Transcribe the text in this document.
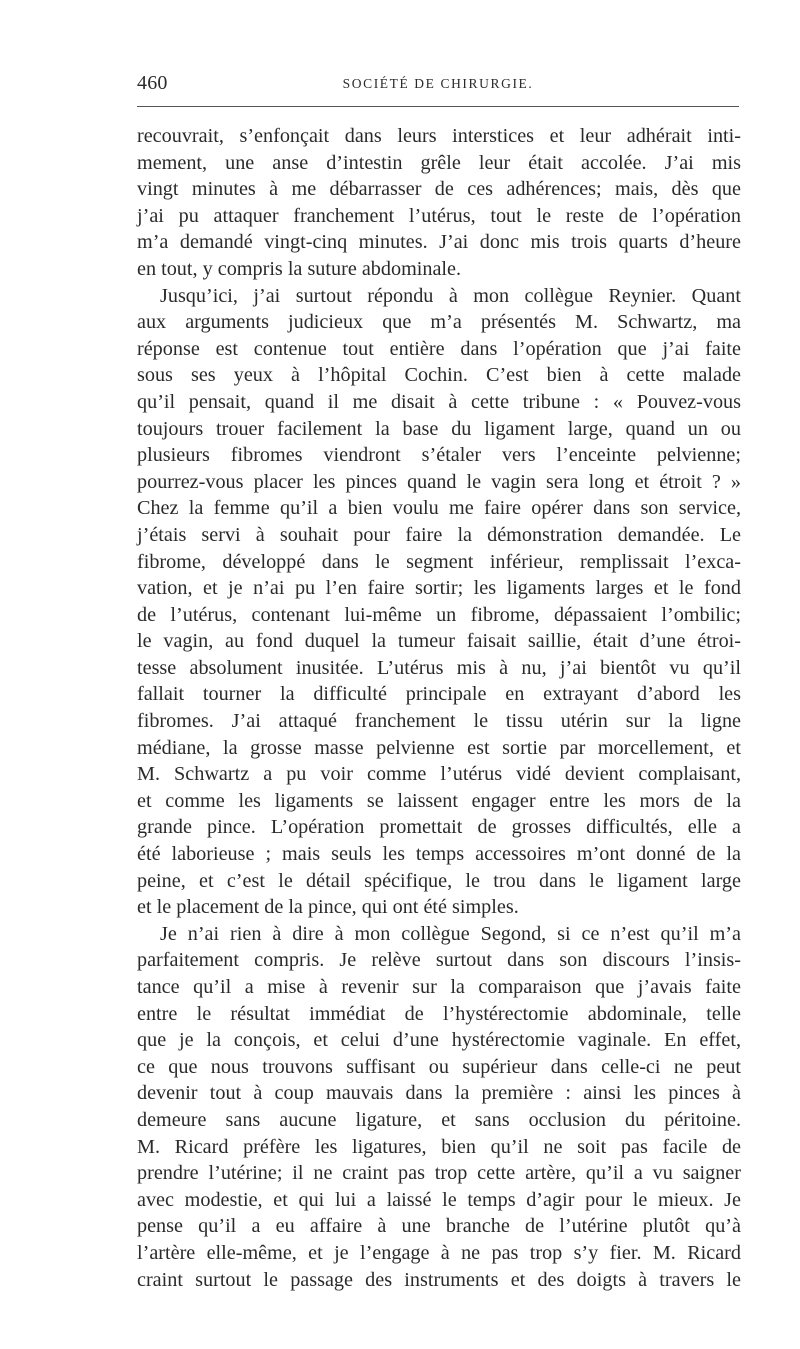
460	SOCIÉTÉ DE CHIRURGIE.
recouvrait, s’enfonçait dans leurs interstices et leur adhérait inti-
mement, une anse d’intestin grêle leur était accolée. J’ai mis
vingt minutes à me débarrasser de ces adhérences; mais, dès que
j’ai pu attaquer franchement l’utérus, tout le reste de l’opération
m’a demandé vingt-cinq minutes. J’ai donc mis trois quarts d’heure
en tout, y compris la suture abdominale.
Jusqu’ici, j’ai surtout répondu à mon collègue Reynier. Quant
aux arguments judicieux que m’a présentés M. Schwartz, ma
réponse est contenue tout entière dans l’opération que j’ai faite
sous ses yeux à l’hôpital Cochin. C’est bien à cette malade
qu’il pensait, quand il me disait à cette tribune : « Pouvez-vous
toujours trouer facilement la base du ligament large, quand un ou
plusieurs fibromes viendront s’étaler vers l’enceinte pelvienne;
pourrez-vous placer les pinces quand le vagin sera long et étroit ? »
Chez la femme qu’il a bien voulu me faire opérer dans son service,
j’étais servi à souhait pour faire la démonstration demandée. Le
fibrome, développé dans le segment inférieur, remplissait l’exca-
vation, et je n’ai pu l’en faire sortir; les ligaments larges et le fond
de l’utérus, contenant lui-même un fibrome, dépassaient l’ombilic;
le vagin, au fond duquel la tumeur faisait saillie, était d’une étroi-
tesse absolument inusitée. L’utérus mis à nu, j’ai bientôt vu qu’il
fallait tourner la difficulté principale en extrayant d’abord les
fibromes. J’ai attaqué franchement le tissu utérin sur la ligne
médiane, la grosse masse pelvienne est sortie par morcellement, et
M. Schwartz a pu voir comme l’utérus vidé devient complaisant,
et comme les ligaments se laissent engager entre les mors de la
grande pince. L’opération promettait de grosses difficultés, elle a
été laborieuse ; mais seuls les temps accessoires m’ont donné de la
peine, et c’est le détail spécifique, le trou dans le ligament large
et le placement de la pince, qui ont été simples.
Je n’ai rien à dire à mon collègue Segond, si ce n’est qu’il m’a
parfaitement compris. Je relève surtout dans son discours l’insis-
tance qu’il a mise à revenir sur la comparaison que j’avais faite
entre le résultat immédiat de l’hystérectomie abdominale, telle
que je la conçois, et celui d’une hystérectomie vaginale. En effet,
ce que nous trouvons suffisant ou supérieur dans celle-ci ne peut
devenir tout à coup mauvais dans la première : ainsi les pinces à
demeure sans aucune ligature, et sans occlusion du péritoine.
M. Ricard préfère les ligatures, bien qu’il ne soit pas facile de
prendre l’utérine; il ne craint pas trop cette artère, qu’il a vu saigner
avec modestie, et qui lui a laissé le temps d’agir pour le mieux. Je
pense qu’il a eu affaire à une branche de l’utérine plutôt qu’à
l’artère elle-même, et je l’engage à ne pas trop s’y fier. M. Ricard
craint surtout le passage des instruments et des doigts à travers le
